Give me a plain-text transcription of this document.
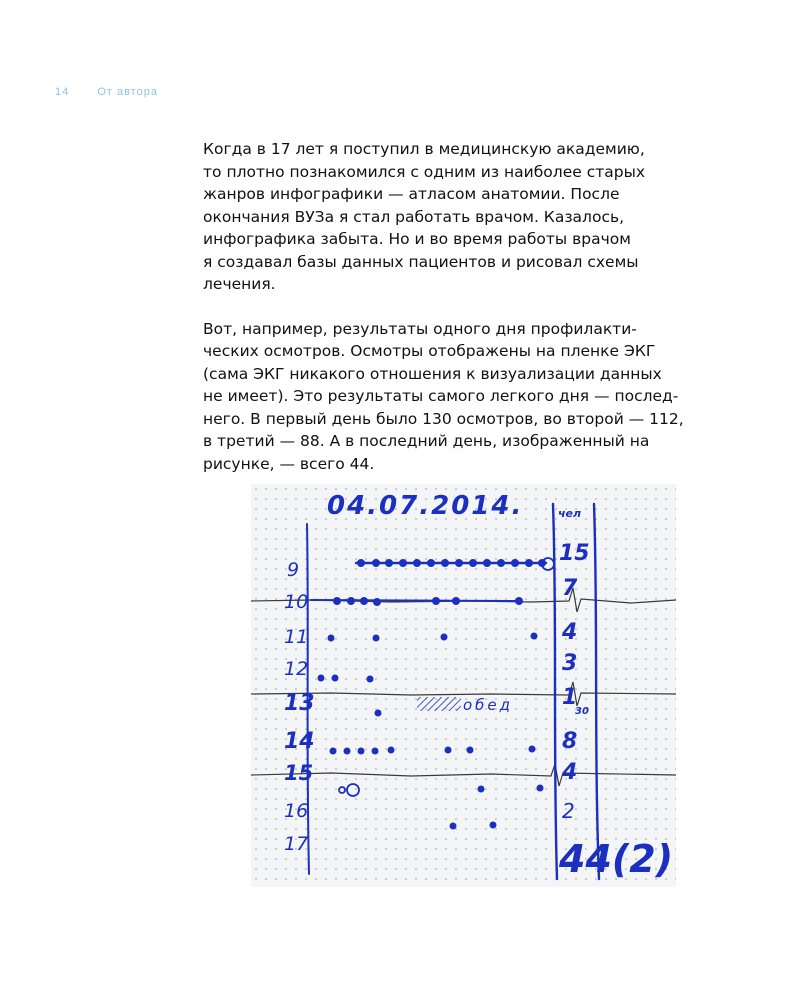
14	От автора

Когда в 17 лет я поступил в медицинскую академию,
то плотно познакомился с одним из наиболее старых
жанров инфографики — атласом анатомии. После
окончания ВУЗа я стал работать врачом. Казалось,
инфографика забыта. Но и во время работы врачом
я создавал базы данных пациентов и рисовал схемы
лечения.

Вот, например, результаты одного дня профилакти-
ческих осмотров. Осмотры отображены на пленке ЭКГ
(сама ЭКГ никакого отношения к визуализации данных
не имеет). Это результаты самого легкого дня — послед-
него. В первый день было 130 осмотров, во второй — 112,
в третий — 88. А в последний день, изображенный на
рисунке, — всего 44.

04.07.2014.	чел
9
10
11
12
13
14
15
16
17
15
7
4
3
1
8
4
2
30
обед
44(2)
